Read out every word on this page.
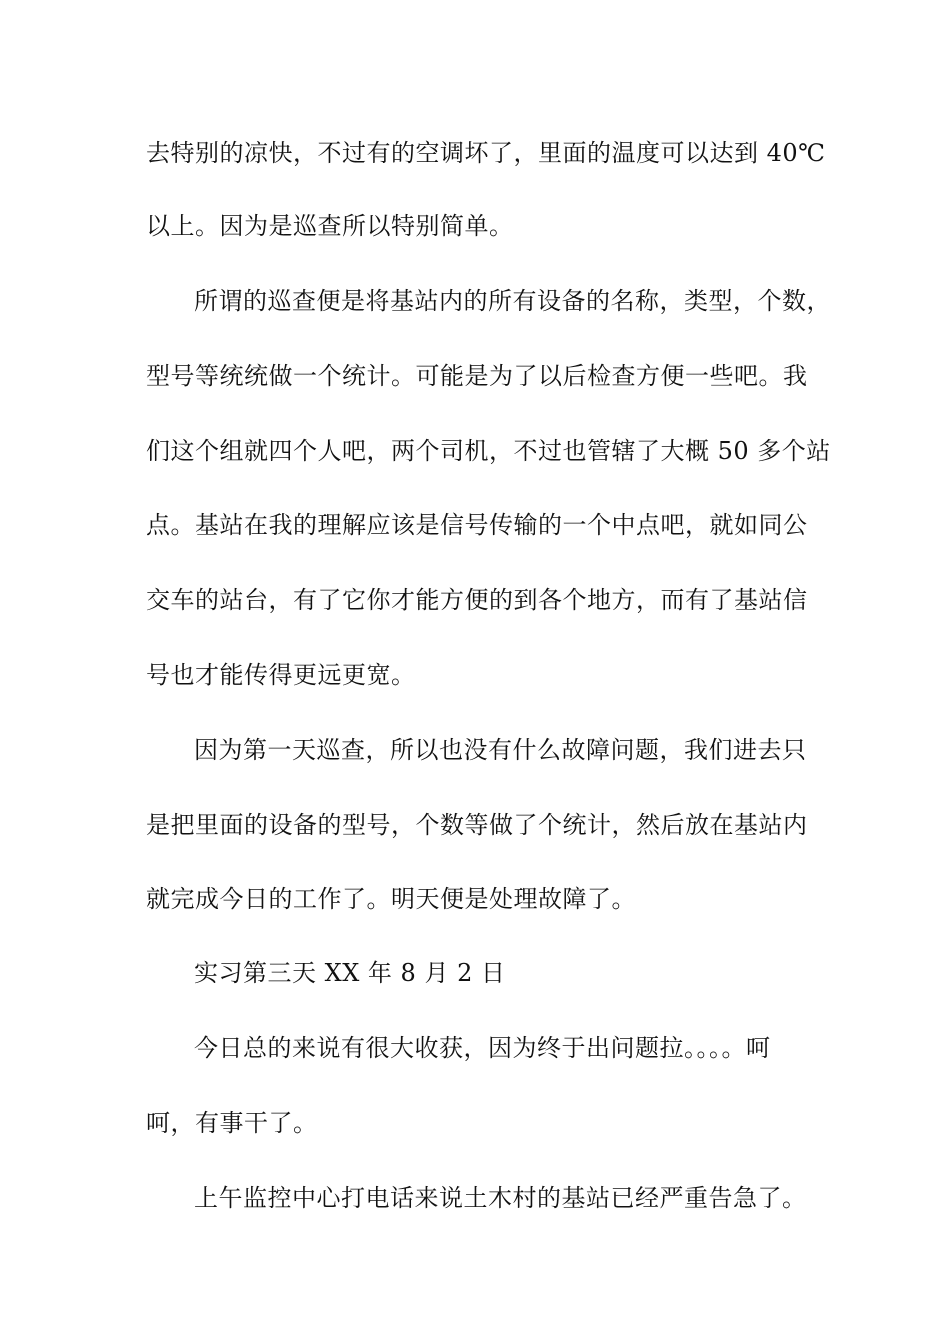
去特别的凉快，不过有的空调坏了，里面的温度可以达到 40℃
以上。因为是巡查所以特别简单。
所谓的巡查便是将基站内的所有设备的名称，类型，个数，
型号等统统做一个统计。可能是为了以后检查方便一些吧。我
们这个组就四个人吧，两个司机，不过也管辖了大概 50 多个站
点。基站在我的理解应该是信号传输的一个中点吧，就如同公
交车的站台，有了它你才能方便的到各个地方，而有了基站信
号也才能传得更远更宽。
因为第一天巡查，所以也没有什么故障问题，我们进去只
是把里面的设备的型号，个数等做了个统计，然后放在基站内
就完成今日的工作了。明天便是处理故障了。
实习第三天 XX 年 8 月 2 日
今日总的来说有很大收获，因为终于出问题拉。。。。呵
呵，有事干了。
上午监控中心打电话来说土木村的基站已经严重告急了。
